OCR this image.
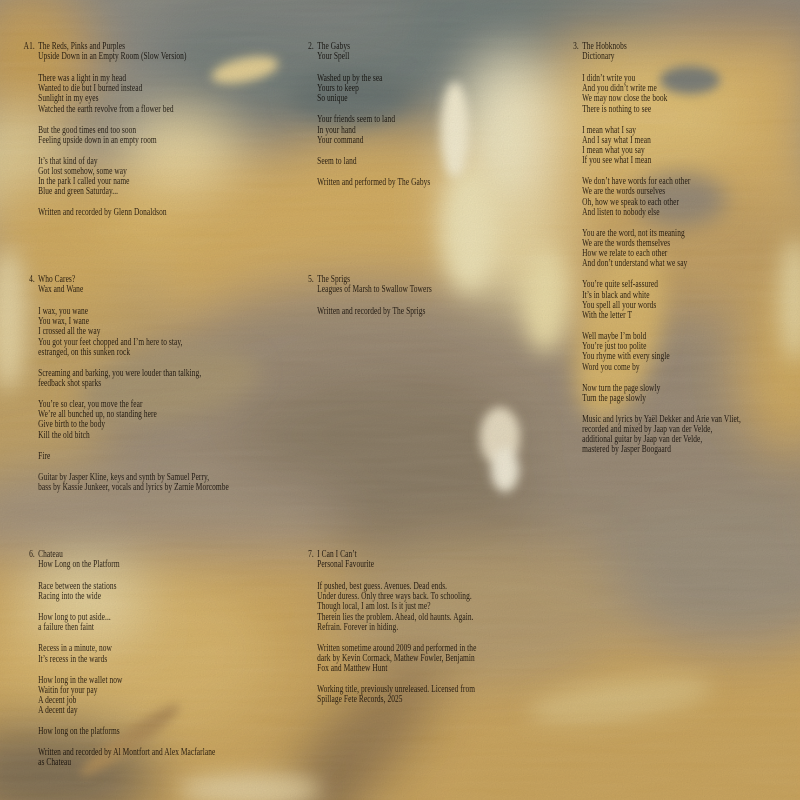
A1. The Reds, Pinks and Purples
Upside Down in an Empty Room (Slow Version)
There was a light in my head
Wanted to die but I burned instead
Sunlight in my eyes
Watched the earth revolve from a flower bed
But the good times end too soon
Feeling upside down in an empty room
It’s that kind of day
Got lost somehow, some way
In the park I called your name
Blue and green Saturday...
Written and recorded by Glenn Donaldson
2. The Gabys
Your Spell
Washed up by the sea
Yours to keep
So unique
Your friends seem to land
In your hand
Your command
Seem to land
Written and performed by The Gabys
3. The Hobknobs
Dictionary
I didn’t write you
And you didn’t write me
We may now close the book
There is nothing to see
I mean what I say
And I say what I mean
I mean what you say
If you see what I mean
We don’t have words for each other
We are the words ourselves
Oh, how we speak to each other
And listen to nobody else
You are the word, not its meaning
We are the words themselves
How we relate to each other
And don’t understand what we say
You’re quite self-assured
It’s in black and white
You spell all your words
With the letter T
Well maybe I’m bold
You’re just too polite
You rhyme with every single
Word you come by
Now turn the page slowly
Turn the page slowly
Music and lyrics by Yaël Dekker and Arie van Vliet,
recorded and mixed by Jaap van der Velde,
additional guitar by Jaap van der Velde,
mastered by Jasper Boogaard
4. Who Cares?
Wax and Wane
I wax, you wane
You wax, I wane
I crossed all the way
You got your feet chopped and I’m here to stay,
estranged, on this sunken rock
Screaming and barking, you were louder than talking,
feedback shot sparks
You’re so clear, you move the fear
We’re all bunched up, no standing here
Give birth to the body
Kill the old bitch
Fire
Guitar by Jasper Kline, keys and synth by Samuel Perry,
bass by Kassie Junkeer, vocals and lyrics by Zarnie Morcombe
5. The Sprigs
Leagues of Marsh to Swallow Towers
Written and recorded by The Sprigs
6. Chateau
How Long on the Platform
Race between the stations
Racing into the wide
How long to put aside...
a failure then faint
Recess in a minute, now
It’s recess in the wards
How long in the wallet now
Waitin for your pay
A decent job
A decent day
How long on the platforms
Written and recorded by Al Montfort and Alex Macfarlane
as Chateau
7. I Can I Can’t
Personal Favourite
If pushed, best guess. Avenues. Dead ends.
Under duress. Only three ways back. To schooling.
Though local, I am lost. Is it just me?
Therein lies the problem. Ahead, old haunts. Again.
Refrain. Forever in hiding.
Written sometime around 2009 and performed in the
dark by Kevin Cormack, Mathew Fowler, Benjamin
Fox and Matthew Hunt
Working title, previously unreleased. Licensed from
Spillage Fete Records, 2025
